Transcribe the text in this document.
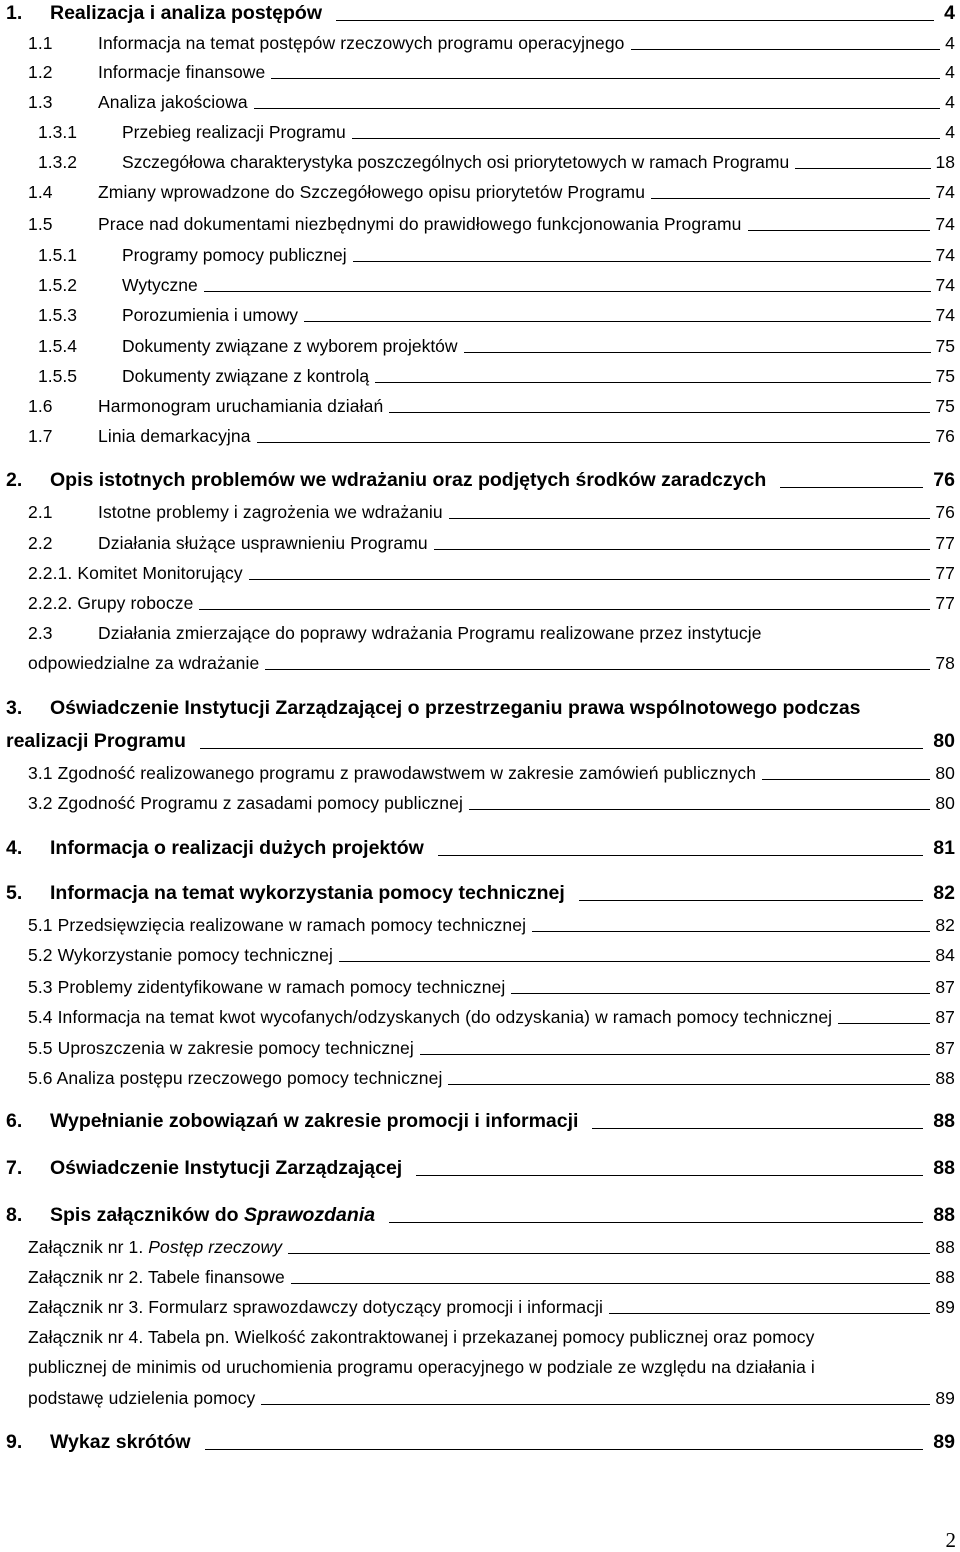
1. Realizacja i analiza postępów	4
1.1	Informacja na temat postępów rzeczowych programu operacyjnego	4
1.2	Informacje finansowe	4
1.3	Analiza jakościowa	4
1.3.1	Przebieg realizacji Programu	4
1.3.2	Szczegółowa charakterystyka poszczególnych osi priorytetowych w ramach Programu	18
1.4	Zmiany wprowadzone do Szczegółowego opisu priorytetów Programu	74
1.5	Prace nad dokumentami niezbędnymi do prawidłowego funkcjonowania Programu	74
1.5.1	Programy pomocy publicznej	74
1.5.2	Wytyczne	74
1.5.3	Porozumienia i umowy	74
1.5.4	Dokumenty związane z wyborem projektów	75
1.5.5	Dokumenty związane z kontrolą	75
1.6	Harmonogram uruchamiania działań	75
1.7	Linia demarkacyjna	76
2. Opis istotnych problemów we wdrażaniu oraz podjętych środków zaradczych	76
2.1	Istotne problemy i zagrożenia we wdrażaniu	76
2.2	Działania służące usprawnieniu Programu	77
2.2.1. Komitet Monitorujący	77
2.2.2. Grupy robocze	77
2.3	Działania zmierzające do poprawy wdrażania Programu realizowane przez instytucje
odpowiedzialne za wdrażanie	78
3. Oświadczenie Instytucji Zarządzającej o przestrzeganiu prawa wspólnotowego podczas
realizacji Programu	80
3.1 Zgodność realizowanego programu z prawodawstwem w zakresie zamówień publicznych	80
3.2 Zgodność Programu z zasadami pomocy publicznej	80
4. Informacja o realizacji dużych projektów	81
5. Informacja na temat wykorzystania pomocy technicznej	82
5.1 Przedsięwzięcia realizowane w ramach pomocy technicznej	82
5.2 Wykorzystanie pomocy technicznej	84
5.3 Problemy zidentyfikowane w ramach pomocy technicznej	87
5.4 Informacja na temat kwot wycofanych/odzyskanych (do odzyskania) w ramach pomocy technicznej	87
5.5 Uproszczenia w zakresie pomocy technicznej	87
5.6 Analiza postępu rzeczowego pomocy technicznej	88
6. Wypełnianie zobowiązań w zakresie promocji i informacji	88
7. Oświadczenie Instytucji Zarządzającej	88
8. Spis załączników do Sprawozdania	88
Załącznik nr 1. Postęp rzeczowy	88
Załącznik nr 2. Tabele finansowe	88
Załącznik nr 3. Formularz sprawozdawczy dotyczący promocji i informacji	89
Załącznik nr 4. Tabela pn. Wielkość zakontraktowanej i przekazanej pomocy publicznej oraz pomocy
publicznej de minimis od uruchomienia programu operacyjnego w podziale ze względu na działania i
podstawę udzielenia pomocy	89
9. Wykaz skrótów	89
2
